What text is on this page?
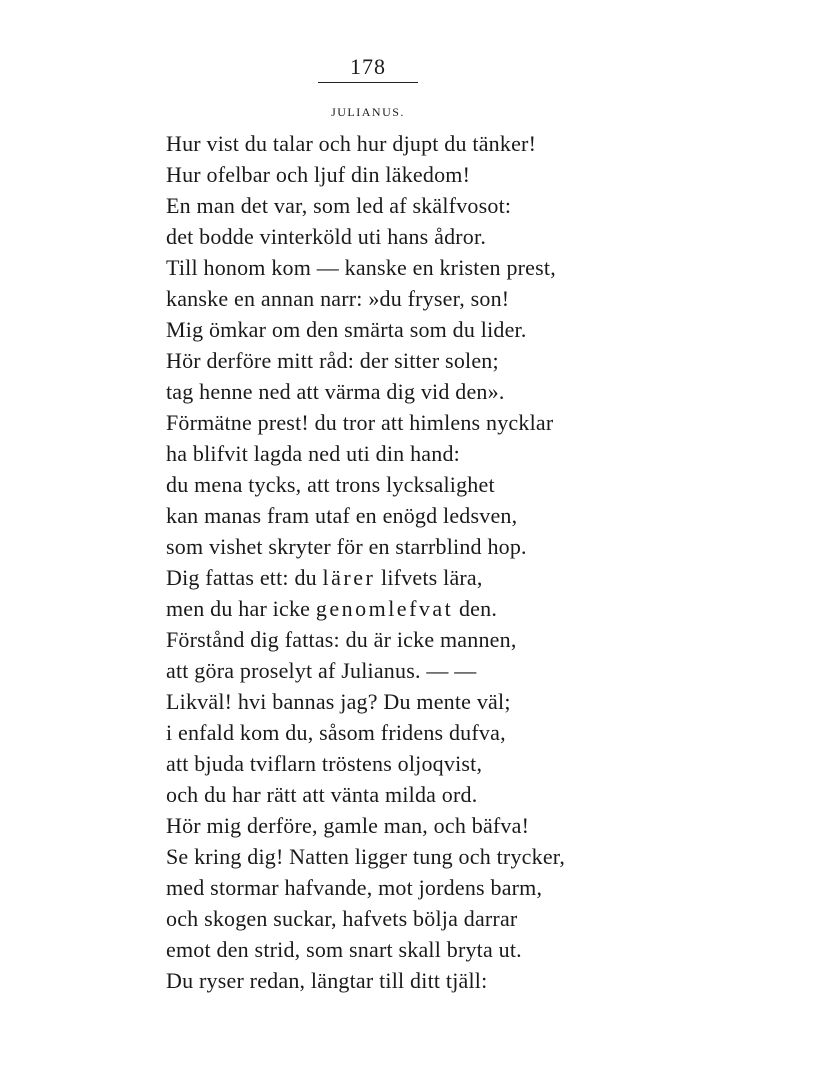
178
JULIANUS.
Hur vist du talar och hur djupt du tänker!
Hur ofelbar och ljuf din läkedom!
En man det var, som led af skälfvosot:
det bodde vinterköld uti hans ådror.
Till honom kom — kanske en kristen prest,
kanske en annan narr: »du fryser, son!
Mig ömkar om den smärta som du lider.
Hör derföre mitt råd: der sitter solen;
tag henne ned att värma dig vid den».
Förmätne prest! du tror att himlens nycklar
ha blifvit lagda ned uti din hand:
du mena tycks, att trons lycksalighet
kan manas fram utaf en enögd ledsven,
som vishet skryter för en starrblind hop.
Dig fattas ett: du lärer lifvets lära,
men du har icke genomlefvat den.
Förstånd dig fattas: du är icke mannen,
att göra proselyt af Julianus. — —
Likväl! hvi bannas jag? Du mente väl;
i enfald kom du, såsom fridens dufva,
att bjuda tviflarn tröstens oljoqvist,
och du har rätt att vänta milda ord.
Hör mig derföre, gamle man, och bäfva!
Se kring dig! Natten ligger tung och trycker,
med stormar hafvande, mot jordens barm,
och skogen suckar, hafvets bölja darrar
emot den strid, som snart skall bryta ut.
Du ryser redan, längtar till ditt tjäll:
